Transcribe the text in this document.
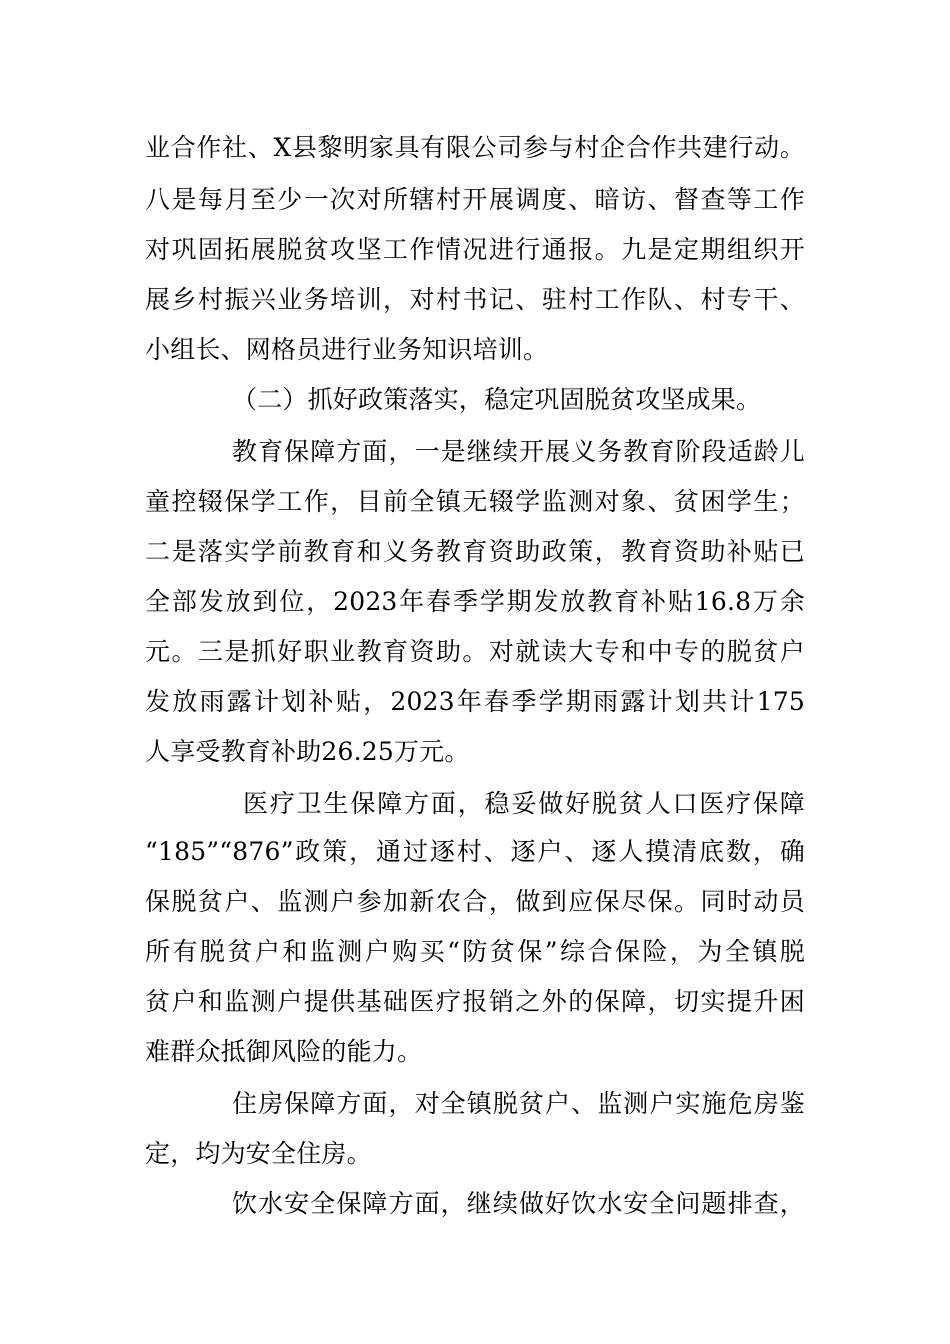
业合作社、X县黎明家具有限公司参与村企合作共建行动。
八是每月至少一次对所辖村开展调度、暗访、督查等工作
对巩固拓展脱贫攻坚工作情况进行通报。九是定期组织开
展乡村振兴业务培训，对村书记、驻村工作队、村专干、
小组长、网格员进行业务知识培训。
（二）抓好政策落实，稳定巩固脱贫攻坚成果。
教育保障方面，一是继续开展义务教育阶段适龄儿
童控辍保学工作，目前全镇无辍学监测对象、贫困学生；
二是落实学前教育和义务教育资助政策，教育资助补贴已
全部发放到位，2023年春季学期发放教育补贴16.8万余
元。三是抓好职业教育资助。对就读大专和中专的脱贫户
发放雨露计划补贴，2023年春季学期雨露计划共计175
人享受教育补助26.25万元。
医疗卫生保障方面，稳妥做好脱贫人口医疗保障
“185”“876”政策，通过逐村、逐户、逐人摸清底数，确
保脱贫户、监测户参加新农合，做到应保尽保。同时动员
所有脱贫户和监测户购买“防贫保”综合保险，为全镇脱
贫户和监测户提供基础医疗报销之外的保障，切实提升困
难群众抵御风险的能力。
住房保障方面，对全镇脱贫户、监测户实施危房鉴
定，均为安全住房。
饮水安全保障方面，继续做好饮水安全问题排查，
